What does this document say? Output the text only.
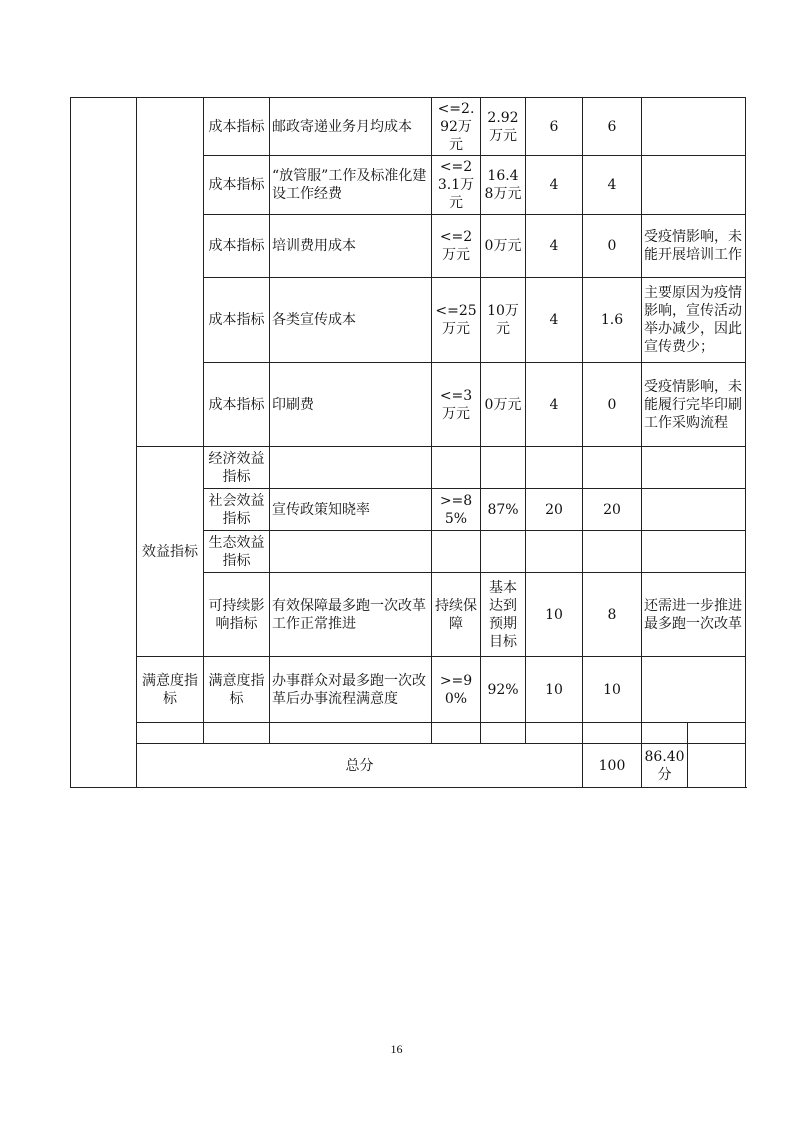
		成本指标	邮政寄递业务月均成本	<=2.92万元	2.92万元	6	6		
		成本指标	“放管服”工作及标准化建设工作经费	<=23.1万元	16.48万元	4	4		
		成本指标	培训费用成本	<=2万元	0万元	4	0	受疫情影响，未能开展培训工作	
		成本指标	各类宣传成本	<=25万元	10万元	4	1.6	主要原因为疫情影响，宣传活动举办减少，因此宣传费少；	
		成本指标	印刷费	<=3万元	0万元	4	0	受疫情影响，未能履行完毕印刷工作采购流程	
	效益指标	经济效益指标							
		社会效益指标	宣传政策知晓率	>=85%	87%	20	20		
		生态效益指标							
		可持续影响指标	有效保障最多跑一次改革工作正常推进	持续保障	基本达到预期目标	10	8	还需进一步推进最多跑一次改革	
	满意度指标	满意度指标	办事群众对最多跑一次改革后办事流程满意度	>=90%	92%	10	10		

	总分						100	86.40分	
16
